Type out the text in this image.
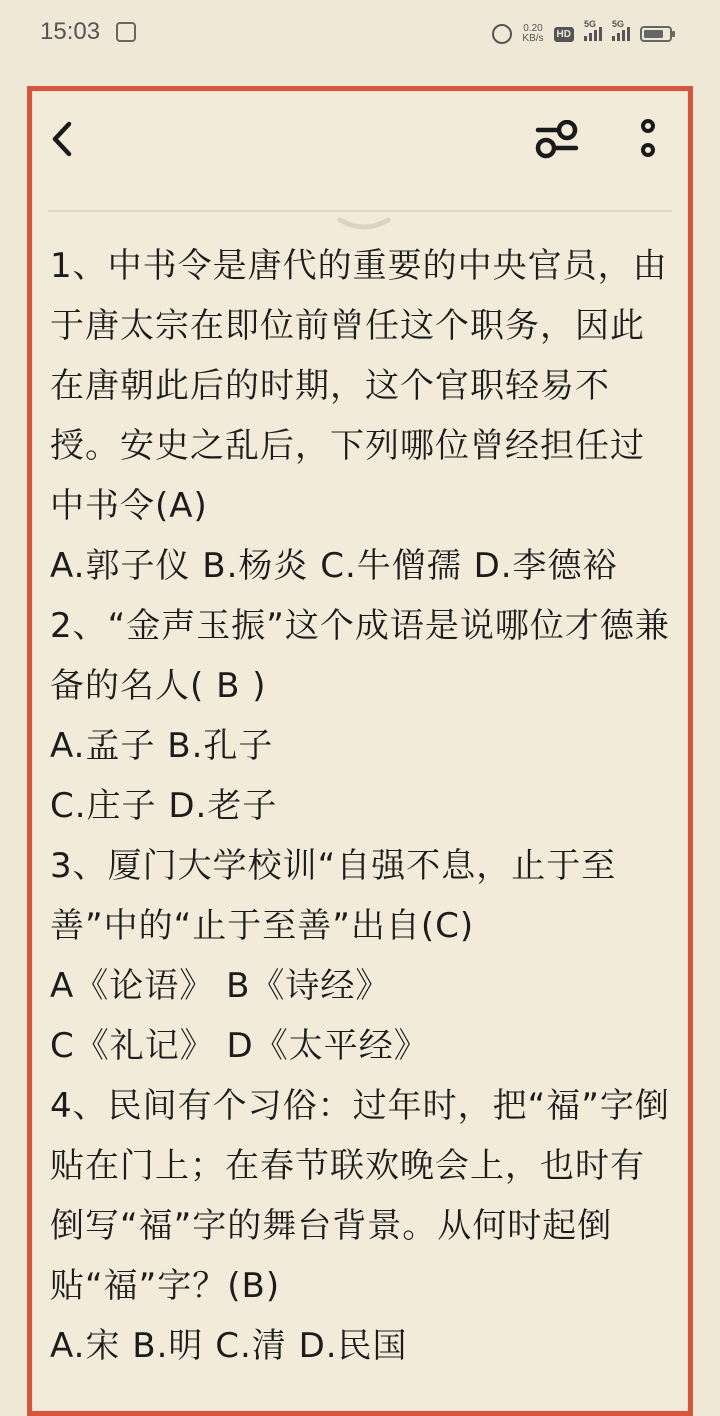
15:03	0.20
KB/s	HD
5G 5G

1、中书令是唐代的重要的中央官员，由于唐太宗在即位前曾任这个职务，因此在唐朝此后的时期，这个官职轻易不授。安史之乱后，下列哪位曾经担任过中书令(A)

A.郭子仪 B.杨炎 C.牛僧孺 D.李德裕

2、“金声玉振”这个成语是说哪位才德兼备的名人( B )

A.孟子 B.孔子

C.庄子 D.老子

3、厦门大学校训“自强不息，止于至善”中的“止于至善”出自(C)

A《论语》 B《诗经》

C《礼记》 D《太平经》

4、民间有个习俗：过年时，把“福”字倒贴在门上；在春节联欢晚会上，也时有倒写“福”字的舞台背景。从何时起倒贴“福”字？(B)

A.宋 B.明 C.清 D.民国
